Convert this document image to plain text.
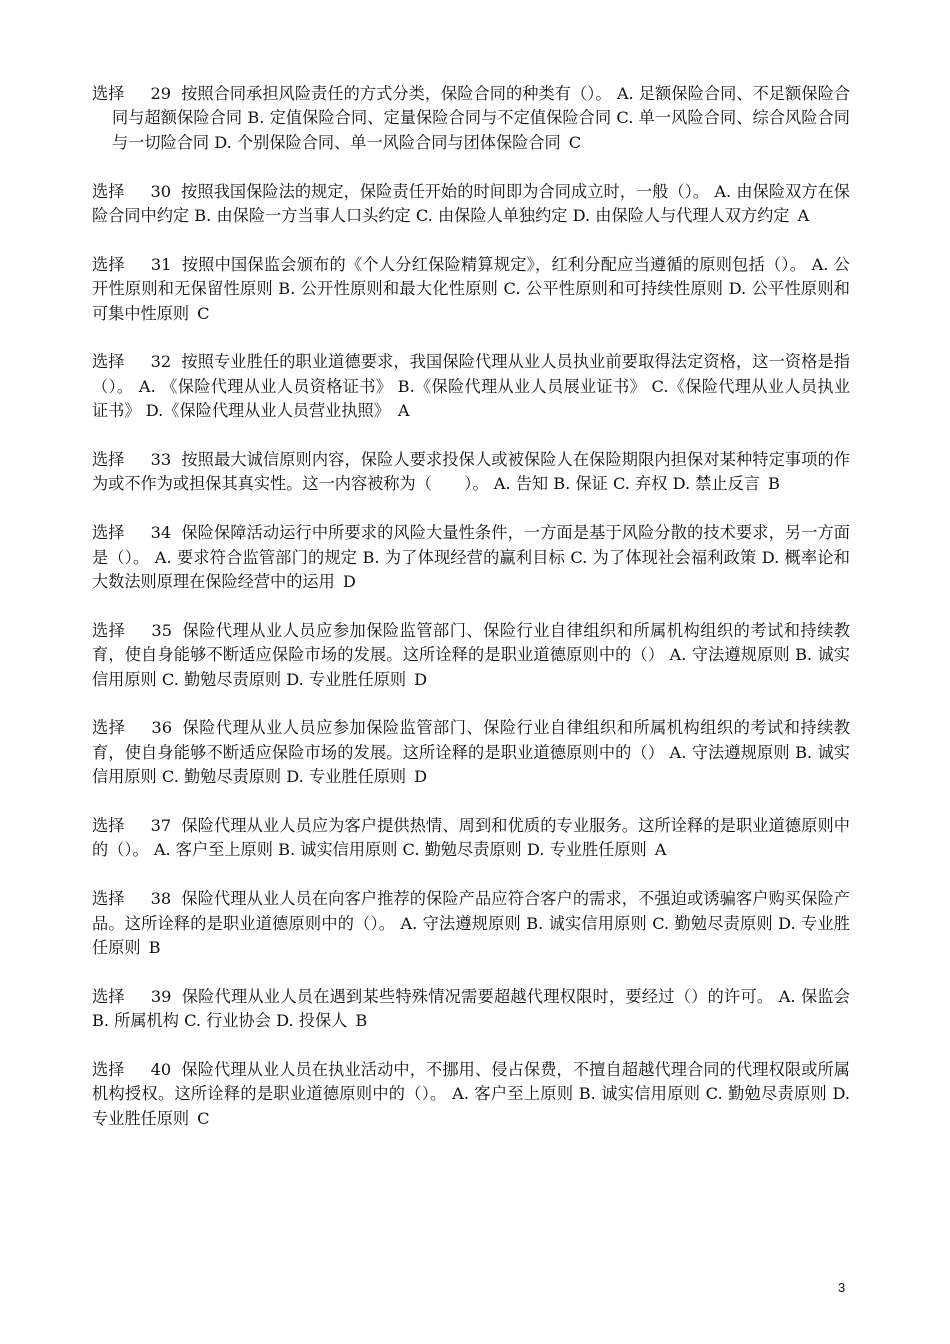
选择 29 按照合同承担风险责任的方式分类，保险合同的种类有（）。 A. 足额保险合同、不足额保险合同与超额保险合同 B. 定值保险合同、定量保险合同与不定值保险合同 C. 单一风险合同、综合风险合同与一切险合同 D. 个别保险合同、单一风险合同与团体保险合同 C

选择 30 按照我国保险法的规定，保险责任开始的时间即为合同成立时，一般（）。 A. 由保险双方在保险合同中约定 B. 由保险一方当事人口头约定 C. 由保险人单独约定 D. 由保险人与代理人双方约定 A

选择 31 按照中国保监会颁布的《个人分红保险精算规定》，红利分配应当遵循的原则包括（）。 A. 公开性原则和无保留性原则 B. 公开性原则和最大化性原则 C. 公平性原则和可持续性原则 D. 公平性原则和可集中性原则 C

选择 32 按照专业胜任的职业道德要求，我国保险代理从业人员执业前要取得法定资格，这一资格是指（）。 A. 《保险代理从业人员资格证书》 B.《保险代理从业人员展业证书》 C.《保险代理从业人员执业证书》 D.《保险代理从业人员营业执照》 A

选择 33 按照最大诚信原则内容，保险人要求投保人或被保险人在保险期限内担保对某种特定事项的作为或不作为或担保其真实性。这一内容被称为（　　）。 A. 告知 B. 保证 C. 弃权 D. 禁止反言 B

选择 34 保险保障活动运行中所要求的风险大量性条件，一方面是基于风险分散的技术要求，另一方面是（）。 A. 要求符合监管部门的规定 B. 为了体现经营的赢利目标 C. 为了体现社会福利政策 D. 概率论和大数法则原理在保险经营中的运用 D

选择 35 保险代理从业人员应参加保险监管部门、保险行业自律组织和所属机构组织的考试和持续教育，使自身能够不断适应保险市场的发展。这所诠释的是职业道德原则中的（） A. 守法遵规原则 B. 诚实信用原则 C. 勤勉尽责原则 D. 专业胜任原则 D

选择 36 保险代理从业人员应参加保险监管部门、保险行业自律组织和所属机构组织的考试和持续教育，使自身能够不断适应保险市场的发展。这所诠释的是职业道德原则中的（） A. 守法遵规原则 B. 诚实信用原则 C. 勤勉尽责原则 D. 专业胜任原则 D

选择 37 保险代理从业人员应为客户提供热情、周到和优质的专业服务。这所诠释的是职业道德原则中的（）。 A. 客户至上原则 B. 诚实信用原则 C. 勤勉尽责原则 D. 专业胜任原则 A

选择 38 保险代理从业人员在向客户推荐的保险产品应符合客户的需求，不强迫或诱骗客户购买保险产品。这所诠释的是职业道德原则中的（）。 A. 守法遵规原则 B. 诚实信用原则 C. 勤勉尽责原则 D. 专业胜任原则 B

选择 39 保险代理从业人员在遇到某些特殊情况需要超越代理权限时，要经过（）的许可。 A. 保监会 B. 所属机构 C. 行业协会 D. 投保人 B

选择 40 保险代理从业人员在执业活动中，不挪用、侵占保费，不擅自超越代理合同的代理权限或所属机构授权。这所诠释的是职业道德原则中的（）。 A. 客户至上原则 B. 诚实信用原则 C. 勤勉尽责原则 D. 专业胜任原则 C

3
